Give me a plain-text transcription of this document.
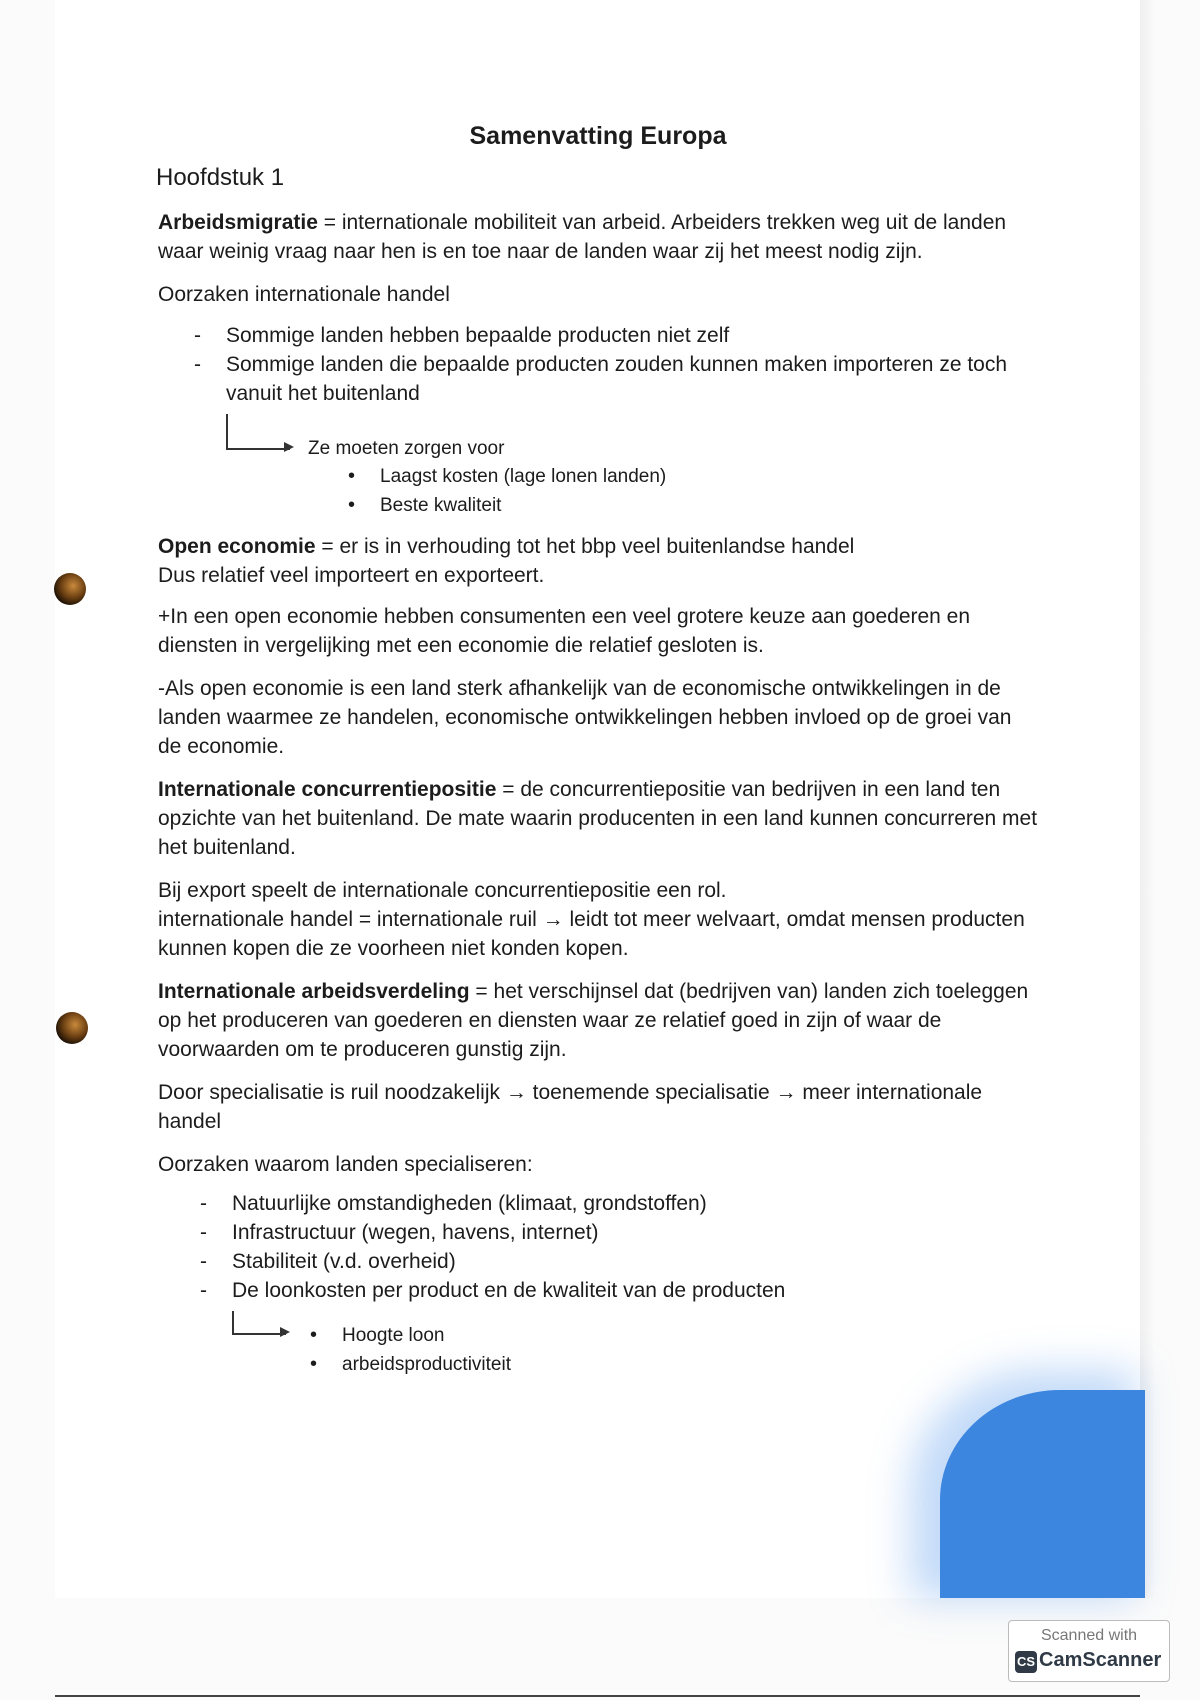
Samenvatting Europa
Hoofdstuk 1

Arbeidsmigratie = internationale mobiliteit van arbeid. Arbeiders trekken weg uit de landen waar weinig vraag naar hen is en toe naar de landen waar zij het meest nodig zijn.

Oorzaken internationale handel

- Sommige landen hebben bepaalde producten niet zelf
- Sommige landen die bepaalde producten zouden kunnen maken importeren ze toch vanuit het buitenland
Ze moeten zorgen voor
• Laagst kosten (lage lonen landen)
• Beste kwaliteit

Open economie = er is in verhouding tot het bbp veel buitenlandse handel
Dus relatief veel importeert en exporteert.

+In een open economie hebben consumenten een veel grotere keuze aan goederen en diensten in vergelijking met een economie die relatief gesloten is.

-Als open economie is een land sterk afhankelijk van de economische ontwikkelingen in de landen waarmee ze handelen, economische ontwikkelingen hebben invloed op de groei van de economie.

Internationale concurrentiepositie = de concurrentiepositie van bedrijven in een land ten opzichte van het buitenland. De mate waarin producenten in een land kunnen concurreren met het buitenland.

Bij export speelt de internationale concurrentiepositie een rol.
internationale handel = internationale ruil → leidt tot meer welvaart, omdat mensen producten kunnen kopen die ze voorheen niet konden kopen.

Internationale arbeidsverdeling = het verschijnsel dat (bedrijven van) landen zich toeleggen op het produceren van goederen en diensten waar ze relatief goed in zijn of waar de voorwaarden om te produceren gunstig zijn.

Door specialisatie is ruil noodzakelijk → toenemende specialisatie → meer internationale handel

Oorzaken waarom landen specialiseren:

- Natuurlijke omstandigheden (klimaat, grondstoffen)
- Infrastructuur (wegen, havens, internet)
- Stabiliteit (v.d. overheid)
- De loonkosten per product en de kwaliteit van de producten
• Hoogte loon
• arbeidsproductiviteit
Scanned with
CS CamScanner
